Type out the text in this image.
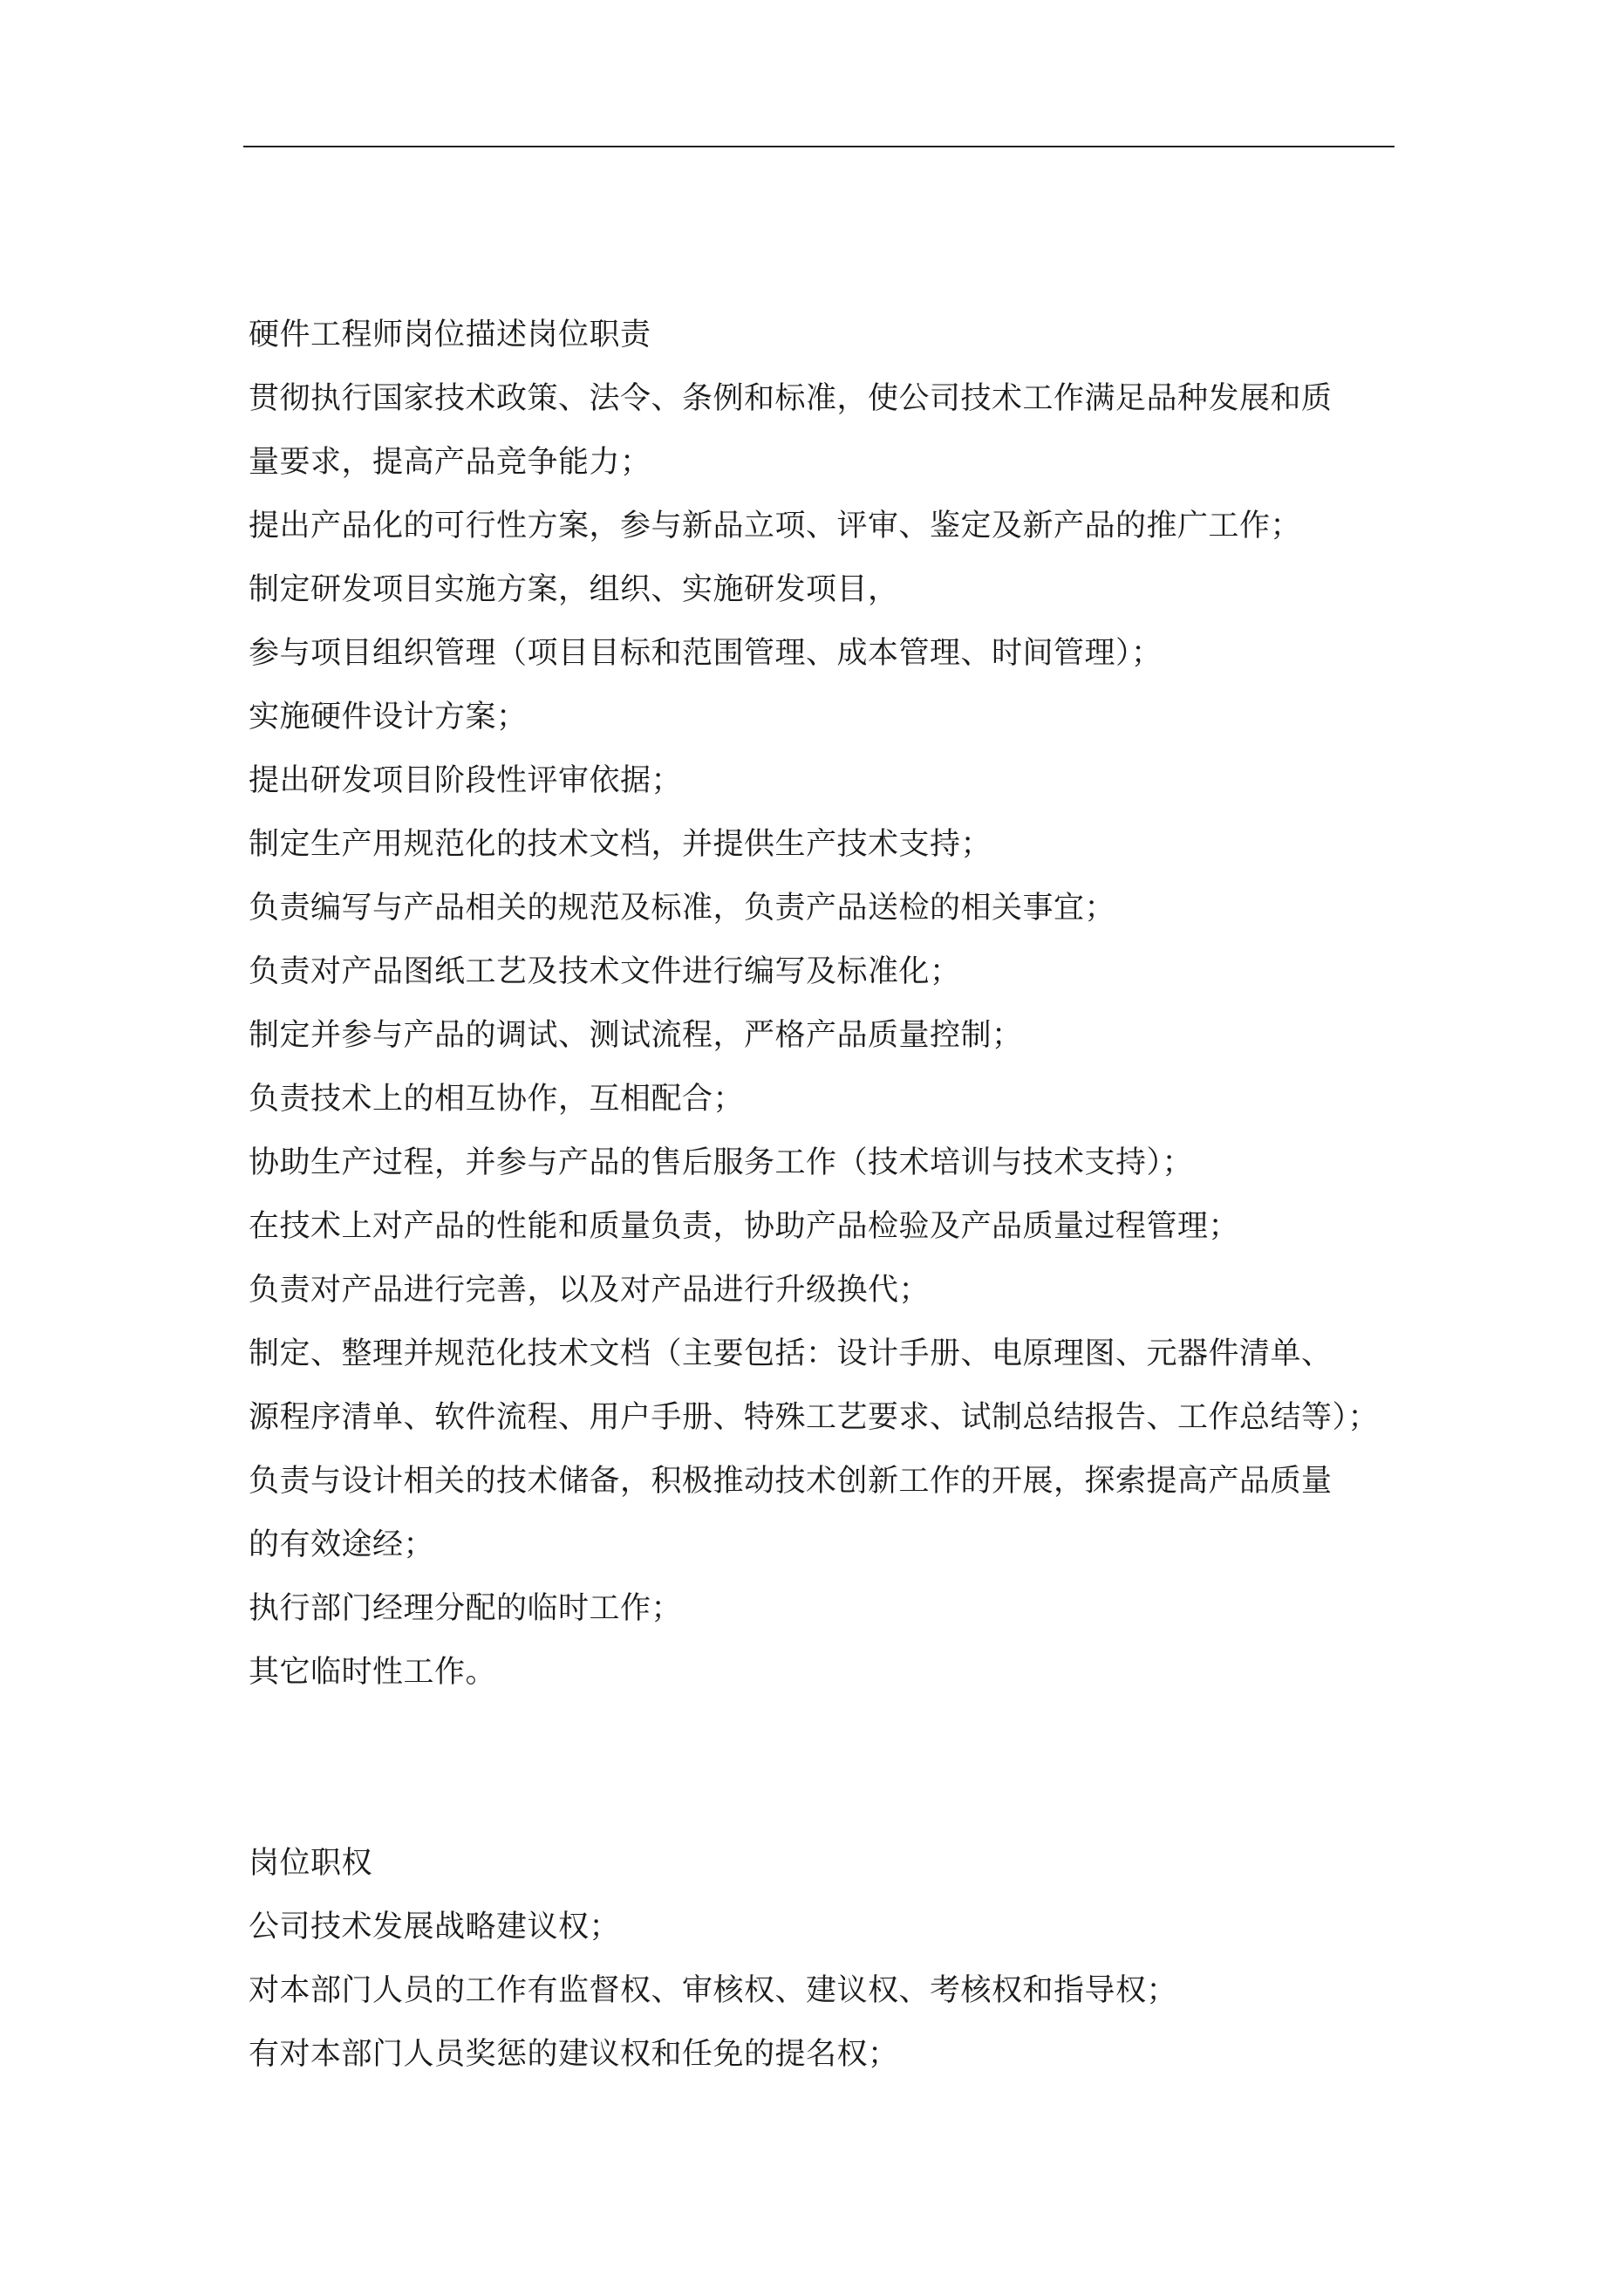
硬件工程师岗位描述岗位职责
贯彻执行国家技术政策、法令、条例和标准，使公司技术工作满足品种发展和质
量要求，提高产品竞争能力；
提出产品化的可行性方案，参与新品立项、评审、鉴定及新产品的推广工作；
制定研发项目实施方案，组织、实施研发项目，
参与项目组织管理（项目目标和范围管理、成本管理、时间管理）；
实施硬件设计方案；
提出研发项目阶段性评审依据；
制定生产用规范化的技术文档，并提供生产技术支持；
负责编写与产品相关的规范及标准，负责产品送检的相关事宜；
负责对产品图纸工艺及技术文件进行编写及标准化；
制定并参与产品的调试、测试流程，严格产品质量控制；
负责技术上的相互协作，互相配合；
协助生产过程，并参与产品的售后服务工作（技术培训与技术支持）；
在技术上对产品的性能和质量负责，协助产品检验及产品质量过程管理；
负责对产品进行完善，以及对产品进行升级换代；
制定、整理并规范化技术文档（主要包括：设计手册、电原理图、元器件清单、
源程序清单、软件流程、用户手册、特殊工艺要求、试制总结报告、工作总结等）；
负责与设计相关的技术储备，积极推动技术创新工作的开展，探索提高产品质量
的有效途经；
执行部门经理分配的临时工作；
其它临时性工作。
岗位职权
公司技术发展战略建议权；
对本部门人员的工作有监督权、审核权、建议权、考核权和指导权；
有对本部门人员奖惩的建议权和任免的提名权；
